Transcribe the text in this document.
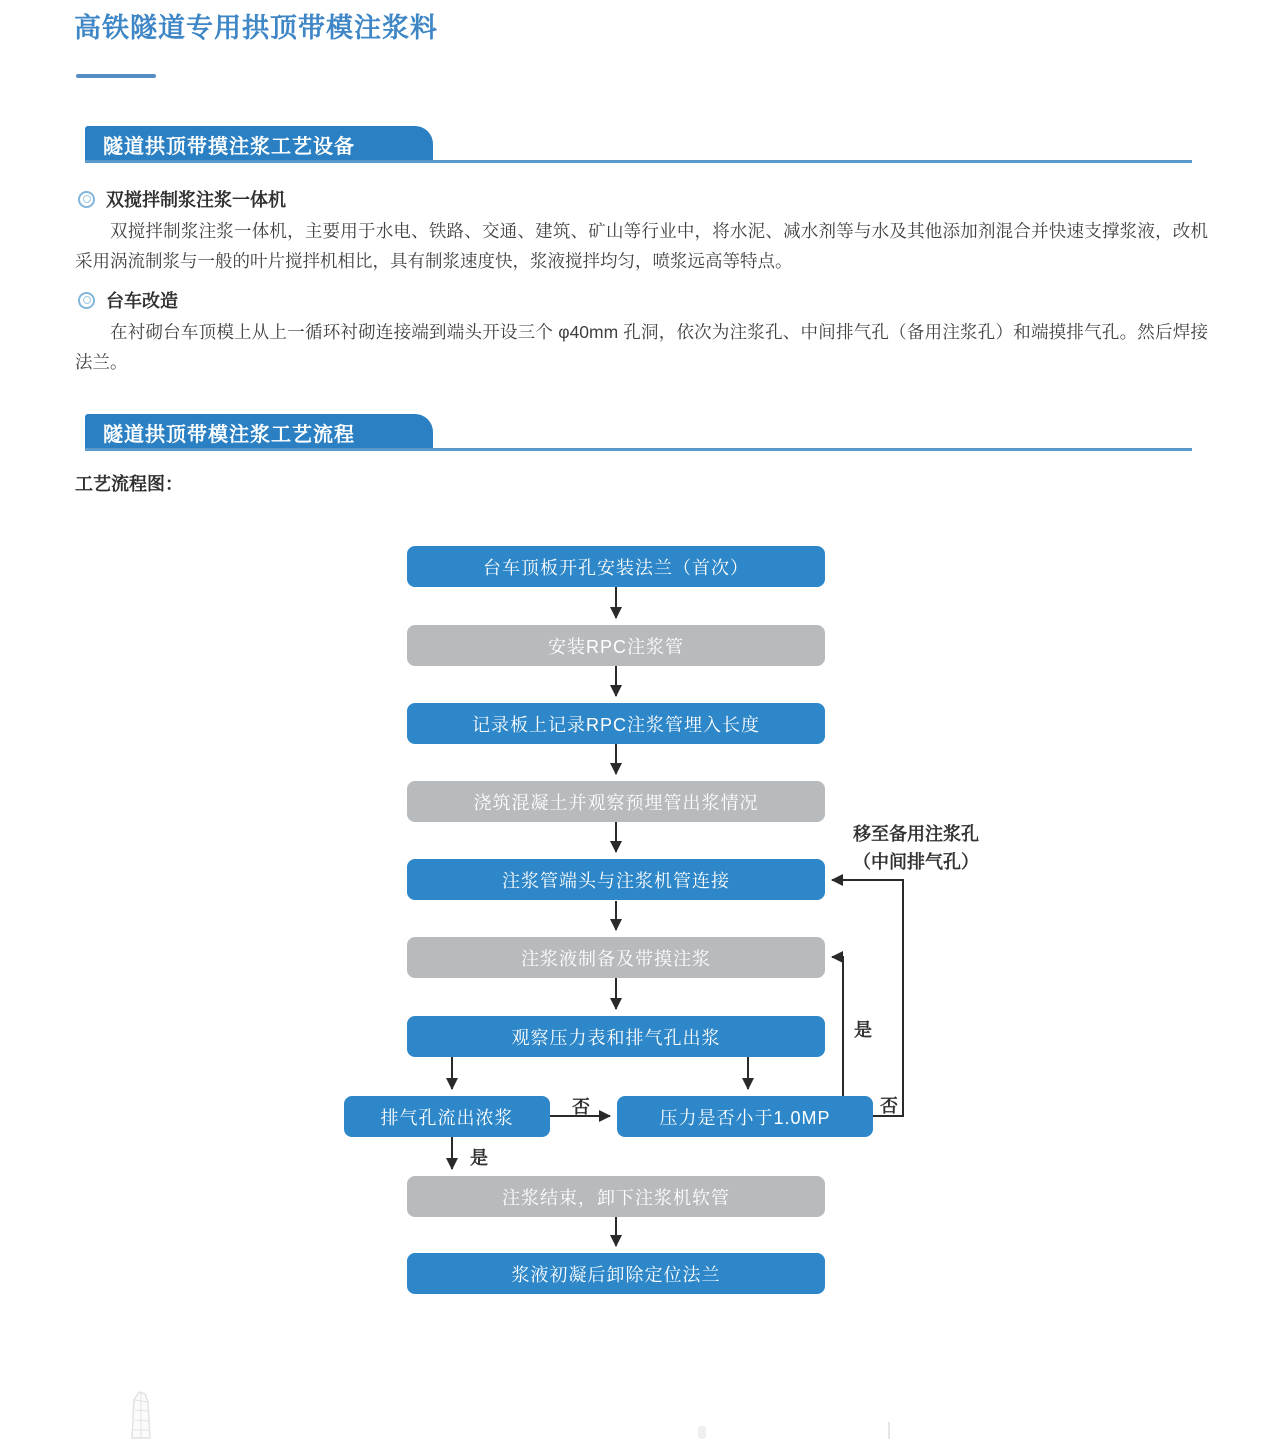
高铁隧道专用拱顶带模注浆料
隧道拱顶带摸注浆工艺设备
双搅拌制浆注浆一体机

双搅拌制浆注浆一体机，主要用于水电、铁路、交通、建筑、矿山等行业中，将水泥、减水剂等与水及其他添加剂混合并快速支撑浆液，改机采用涡流制浆与一般的叶片搅拌机相比，具有制浆速度快，浆液搅拌均匀，喷浆远高等特点。

台车改造

在衬砌台车顶模上从上一循环衬砌连接端到端头开设三个 φ40mm 孔洞，依次为注浆孔、中间排气孔（备用注浆孔）和端摸排气孔。然后焊接法兰。

隧道拱顶带模注浆工艺流程
工艺流程图：
台车顶板开孔安装法兰（首次）
安装RPC注浆管
记录板上记录RPC注浆管埋入长度
浇筑混凝土并观察预埋管出浆情况
注浆管端头与注浆机管连接
注浆液制备及带摸注浆
观察压力表和排气孔出浆
排气孔流出浓浆	压力是否小于1.0MP
注浆结束，卸下注浆机软管
浆液初凝后卸除定位法兰
否
是
否
是
移至备用注浆孔
（中间排气孔）
